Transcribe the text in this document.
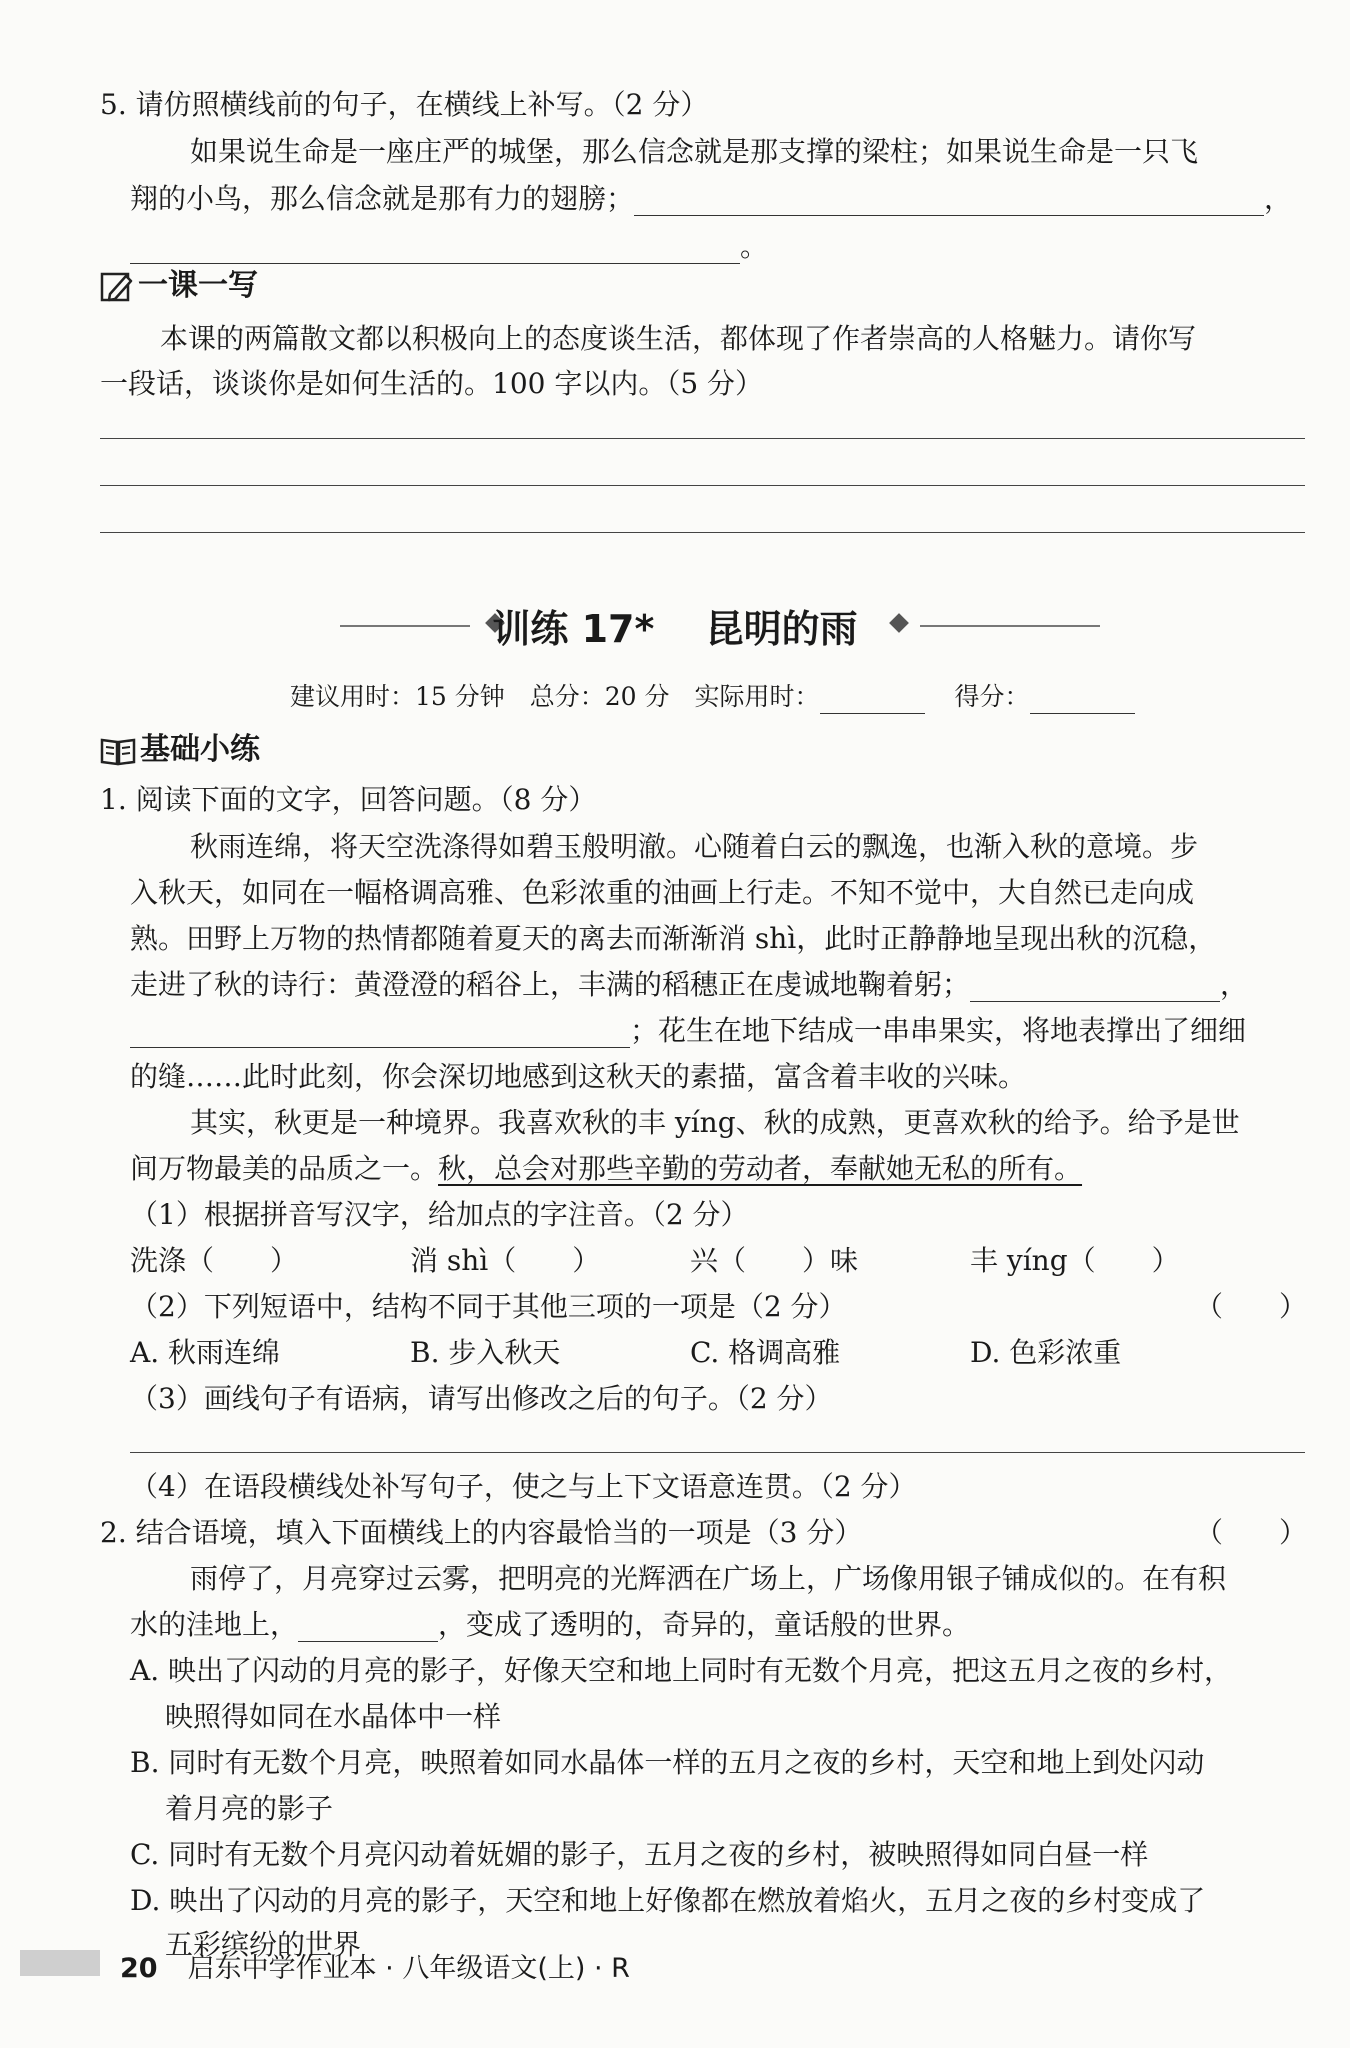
5. 请仿照横线前的句子，在横线上补写。（2 分）
如果说生命是一座庄严的城堡，那么信念就是那支撑的梁柱；如果说生命是一只飞
翔的小鸟，那么信念就是那有力的翅膀；	，
。
一课一写
本课的两篇散文都以积极向上的态度谈生活，都体现了作者崇高的人格魅力。请你写
一段话，谈谈你是如何生活的。100 字以内。（5 分）
训练 17*　 昆明的雨
建议用时：15 分钟　总分：20 分　实际用时：	得分：
基础小练
1. 阅读下面的文字，回答问题。（8 分）
秋雨连绵，将天空洗涤得如碧玉般明澈。心随着白云的飘逸，也渐入秋的意境。步
入秋天，如同在一幅格调高雅、色彩浓重的油画上行走。不知不觉中，大自然已走向成
熟。田野上万物的热情都随着夏天的离去而渐渐消 shì，此时正静静地呈现出秋的沉稳，
走进了秋的诗行：黄澄澄的稻谷上，丰满的稻穗正在虔诚地鞠着躬；	，
；花生在地下结成一串串果实，将地表撑出了细细
的缝……此时此刻，你会深切地感到这秋天的素描，富含着丰收的兴味。
其实，秋更是一种境界。我喜欢秋的丰 yíng、秋的成熟，更喜欢秋的给予。给予是世
间万物最美的品质之一。秋，总会对那些辛勤的劳动者，奉献她无私的所有。
（1）根据拼音写汉字，给加点的字注音。（2 分）
洗涤（　　）	消 shì（　　）	兴（　　）味	丰 yíng（　　）
（2）下列短语中，结构不同于其他三项的一项是（2 分）	（　　）
A. 秋雨连绵	B. 步入秋天	C. 格调高雅	D. 色彩浓重
（3）画线句子有语病，请写出修改之后的句子。（2 分）
（4）在语段横线处补写句子，使之与上下文语意连贯。（2 分）
2. 结合语境，填入下面横线上的内容最恰当的一项是（3 分）	（　　）
雨停了，月亮穿过云雾，把明亮的光辉洒在广场上，广场像用银子铺成似的。在有积
水的洼地上，	，变成了透明的，奇异的，童话般的世界。
A. 映出了闪动的月亮的影子，好像天空和地上同时有无数个月亮，把这五月之夜的乡村，
映照得如同在水晶体中一样
B. 同时有无数个月亮，映照着如同水晶体一样的五月之夜的乡村，天空和地上到处闪动
着月亮的影子
C. 同时有无数个月亮闪动着妩媚的影子，五月之夜的乡村，被映照得如同白昼一样
D. 映出了闪动的月亮的影子，天空和地上好像都在燃放着焰火，五月之夜的乡村变成了
五彩缤纷的世界
20 启东中学作业本 · 八年级语文(上) · R
